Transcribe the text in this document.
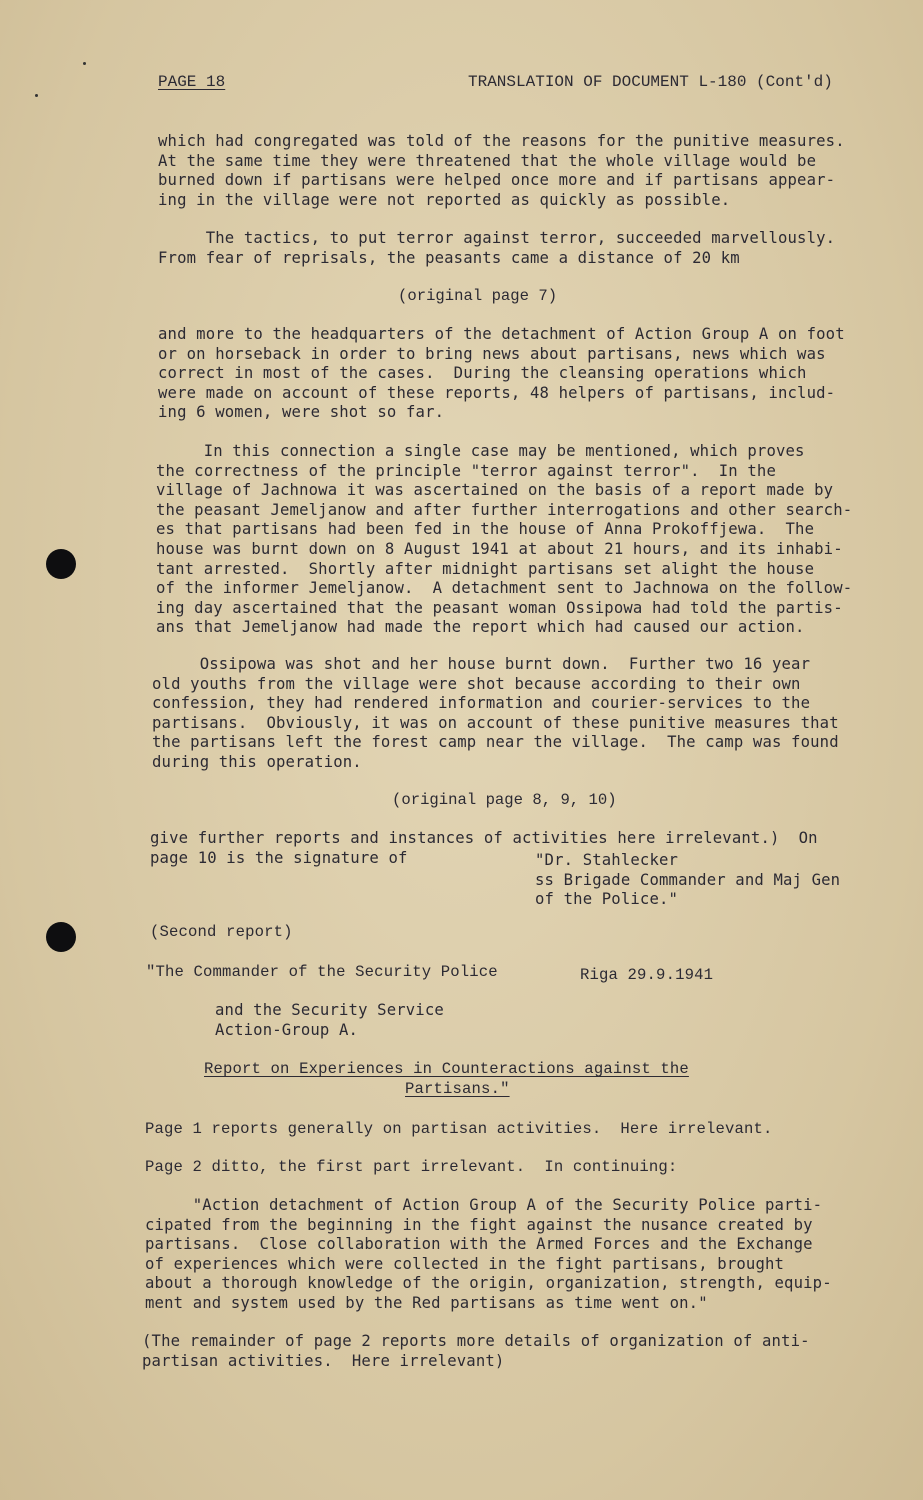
PAGE 18	TRANSLATION OF DOCUMENT L-180 (Cont'd)
which had congregated was told of the reasons for the punitive measures.
At the same time they were threatened that the whole village would be
burned down if partisans were helped once more and if partisans appear-
ing in the village were not reported as quickly as possible.
The tactics, to put terror against terror, succeeded marvellously.
From fear of reprisals, the peasants came a distance of 20 km
(original page 7)
and more to the headquarters of the detachment of Action Group A on foot
or on horseback in order to bring news about partisans, news which was
correct in most of the cases.  During the cleansing operations which
were made on account of these reports, 48 helpers of partisans, includ-
ing 6 women, were shot so far.
In this connection a single case may be mentioned, which proves
the correctness of the principle "terror against terror".  In the
village of Jachnowa it was ascertained on the basis of a report made by
the peasant Jemeljanow and after further interrogations and other search-
es that partisans had been fed in the house of Anna Prokoffjewa.  The
house was burnt down on 8 August 1941 at about 21 hours, and its inhabi-
tant arrested.  Shortly after midnight partisans set alight the house
of the informer Jemeljanow.  A detachment sent to Jachnowa on the follow-
ing day ascertained that the peasant woman Ossipowa had told the partis-
ans that Jemeljanow had made the report which had caused our action.
Ossipowa was shot and her house burnt down.  Further two 16 year
old youths from the village were shot because according to their own
confession, they had rendered information and courier-services to the
partisans.  Obviously, it was on account of these punitive measures that
the partisans left the forest camp near the village.  The camp was found
during this operation.
(original page 8, 9, 10)
give further reports and instances of activities here irrelevant.)  On
page 10 is the signature of	"Dr. Stahlecker
ss Brigade Commander and Maj Gen
of the Police."
(Second report)
"The Commander of the Security Police	Riga 29.9.1941
and the Security Service
Action-Group A.
Report on Experiences in Counteractions against the
Partisans."
Page 1 reports generally on partisan activities.  Here irrelevant.
Page 2 ditto, the first part irrelevant.  In continuing:
"Action detachment of Action Group A of the Security Police parti-
cipated from the beginning in the fight against the nusance created by
partisans.  Close collaboration with the Armed Forces and the Exchange
of experiences which were collected in the fight partisans, brought
about a thorough knowledge of the origin, organization, strength, equip-
ment and system used by the Red partisans as time went on."
(The remainder of page 2 reports more details of organization of anti-
partisan activities.  Here irrelevant)
